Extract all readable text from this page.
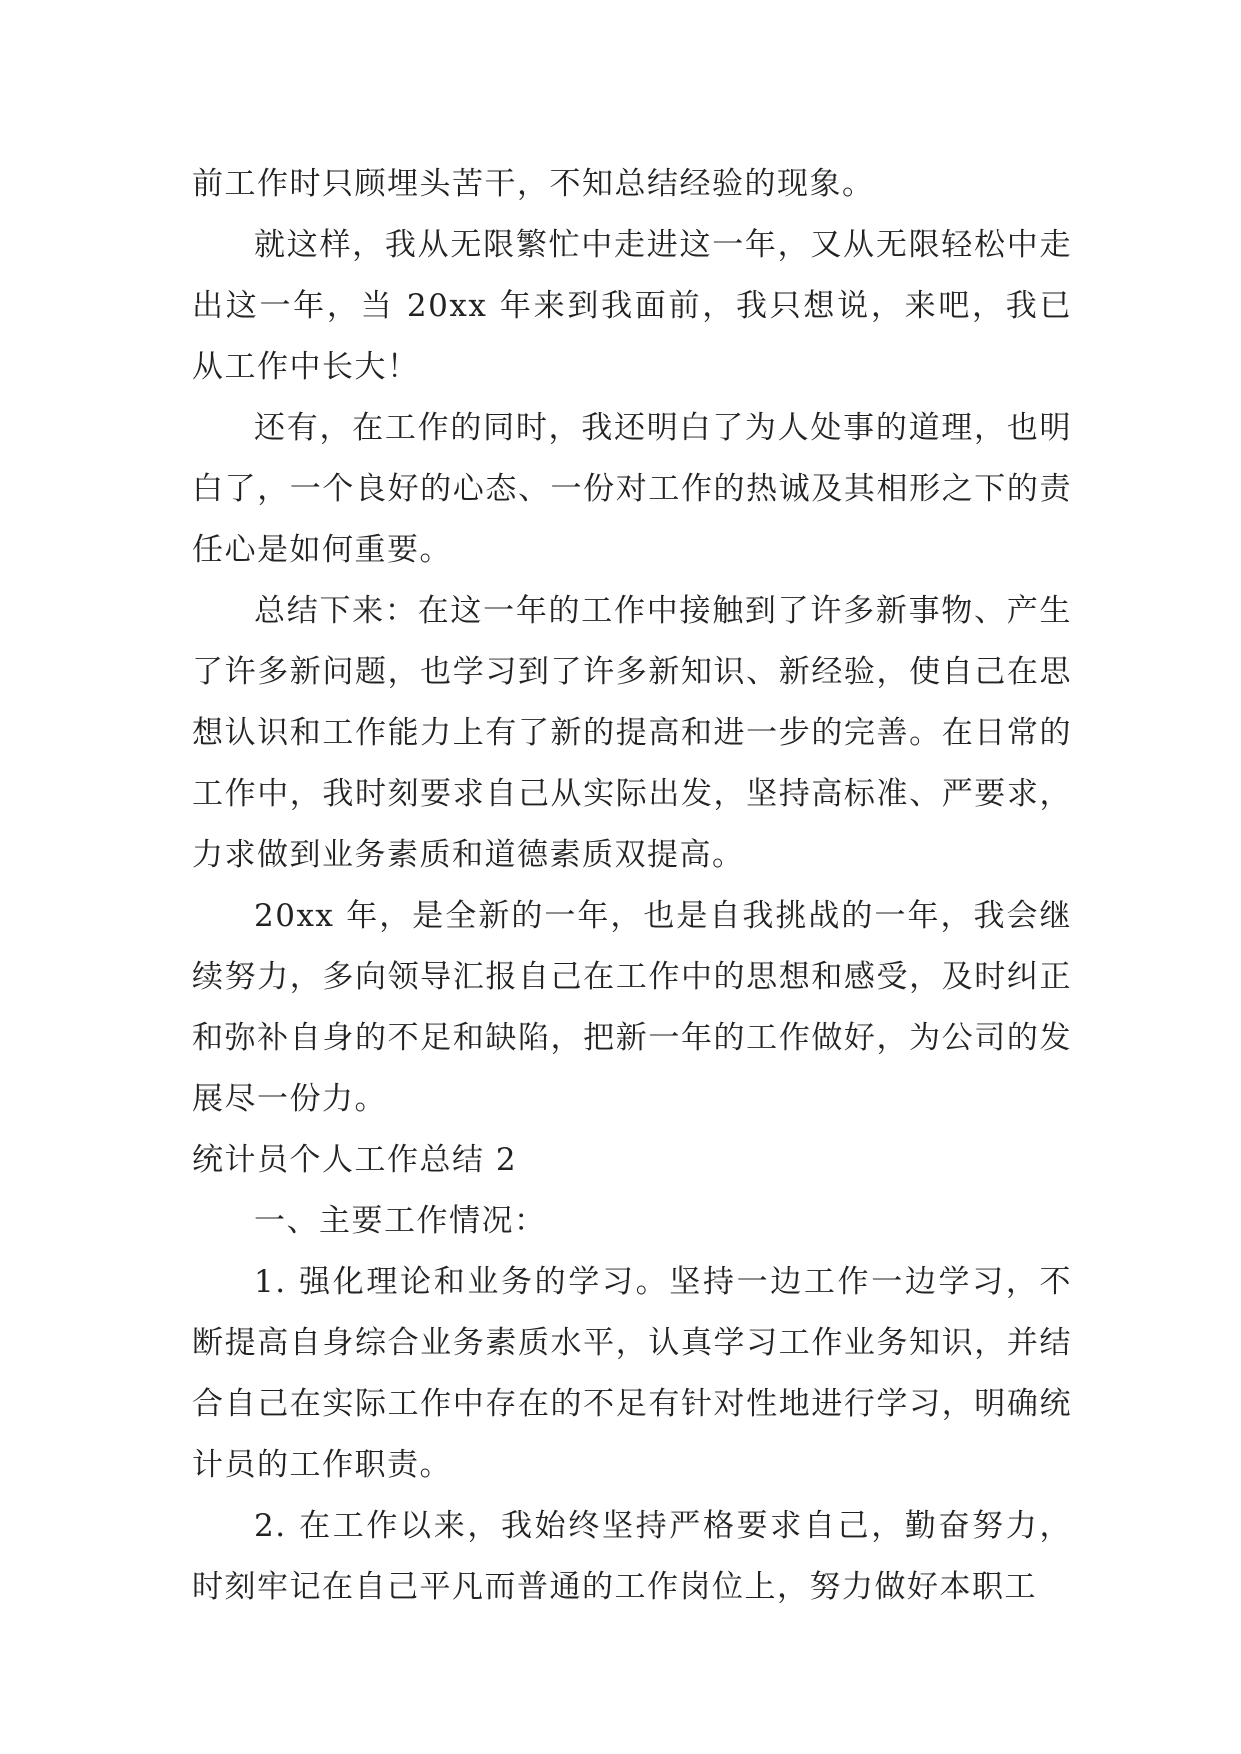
前工作时只顾埋头苦干，不知总结经验的现象。

就这样，我从无限繁忙中走进这一年，又从无限轻松中走出这一年，当 20xx 年来到我面前，我只想说，来吧，我已从工作中长大！

还有，在工作的同时，我还明白了为人处事的道理，也明白了，一个良好的心态、一份对工作的热诚及其相形之下的责任心是如何重要。

总结下来：在这一年的工作中接触到了许多新事物、产生了许多新问题，也学习到了许多新知识、新经验，使自己在思想认识和工作能力上有了新的提高和进一步的完善。在日常的工作中，我时刻要求自己从实际出发，坚持高标准、严要求，力求做到业务素质和道德素质双提高。

20xx 年，是全新的一年，也是自我挑战的一年，我会继续努力，多向领导汇报自己在工作中的思想和感受，及时纠正和弥补自身的不足和缺陷，把新一年的工作做好，为公司的发展尽一份力。

统计员个人工作总结 2

一、主要工作情况：

1. 强化理论和业务的学习。坚持一边工作一边学习，不断提高自身综合业务素质水平，认真学习工作业务知识，并结合自己在实际工作中存在的不足有针对性地进行学习，明确统计员的工作职责。

2. 在工作以来，我始终坚持严格要求自己，勤奋努力，时刻牢记在自己平凡而普通的工作岗位上，努力做好本职工
